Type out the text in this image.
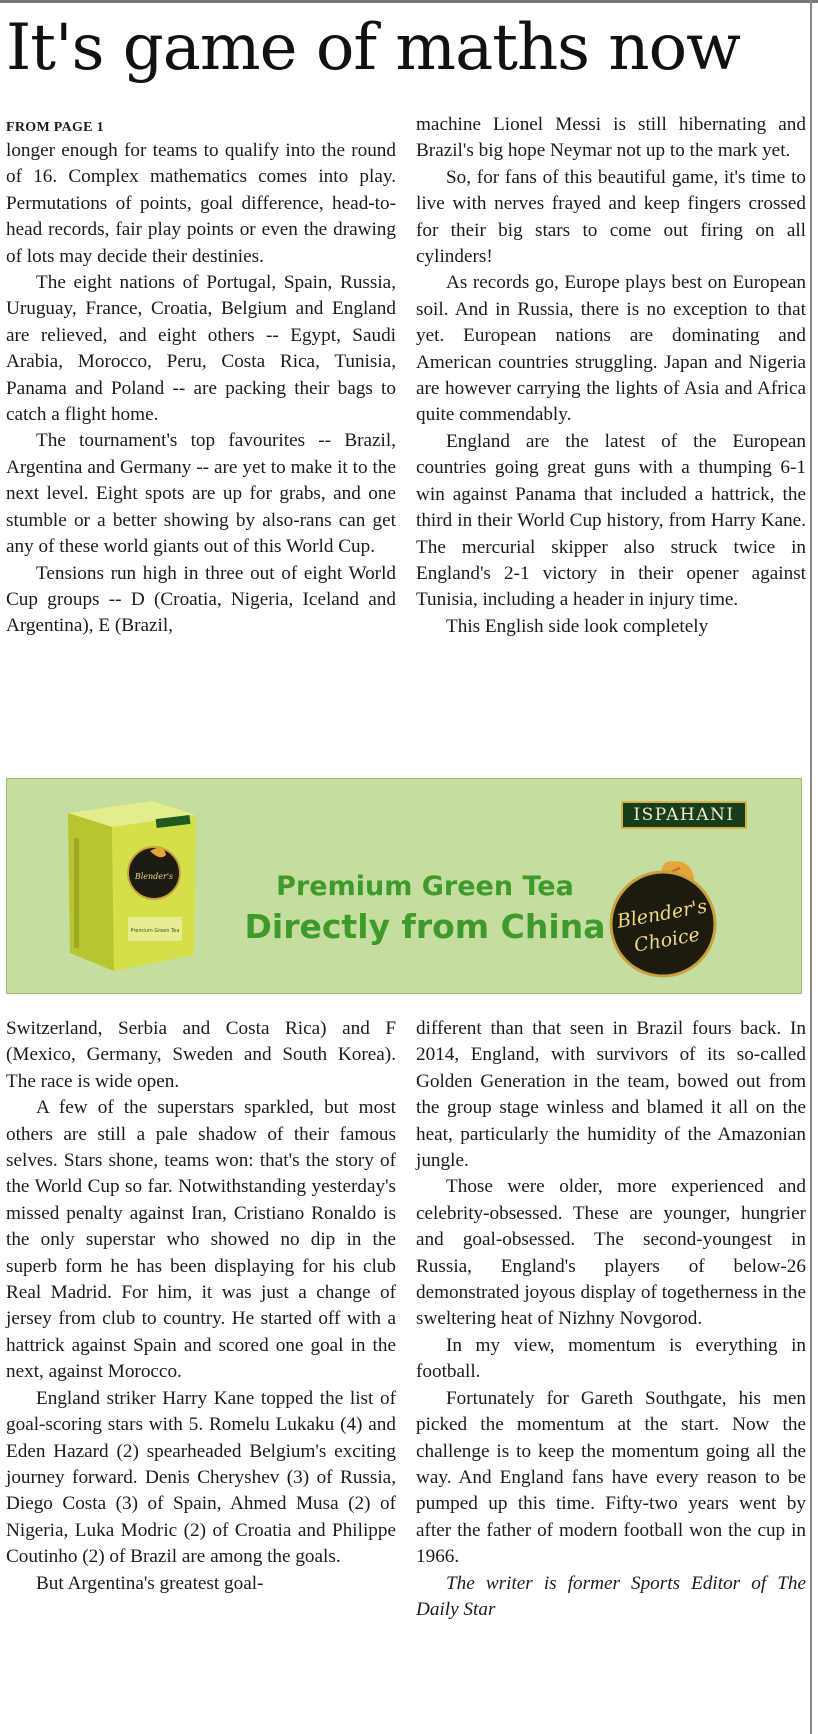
It's game of maths now

FROM PAGE 1

longer enough for teams to qualify into the round of 16. Complex mathematics comes into play. Permutations of points, goal difference, head-to-head records, fair play points or even the drawing of lots may decide their destinies.

The eight nations of Portugal, Spain, Russia, Uruguay, France, Croatia, Belgium and England are relieved, and eight others -- Egypt, Saudi Arabia, Morocco, Peru, Costa Rica, Tunisia, Panama and Poland -- are packing their bags to catch a flight home.

The tournament's top favourites -- Brazil, Argentina and Germany -- are yet to make it to the next level. Eight spots are up for grabs, and one stumble or a better showing by also-rans can get any of these world giants out of this World Cup.

Tensions run high in three out of eight World Cup groups -- D (Croatia, Nigeria, Iceland and Argentina), E (Brazil,

machine Lionel Messi is still hibernating and Brazil's big hope Neymar not up to the mark yet.

So, for fans of this beautiful game, it's time to live with nerves frayed and keep fingers crossed for their big stars to come out firing on all cylinders!

As records go, Europe plays best on European soil. And in Russia, there is no exception to that yet. European nations are dominating and American countries struggling. Japan and Nigeria are however carrying the lights of Asia and Africa quite commendably.

England are the latest of the European countries going great guns with a thumping 6-1 win against Panama that included a hattrick, the third in their World Cup history, from Harry Kane. The mercurial skipper also struck twice in England's 2-1 victory in their opener against Tunisia, including a header in injury time.

This English side look completely

Premium Green Tea
Directly from China
ISPAHANI
Blender's
Premium Green Tea	Blender's
Choice

Switzerland, Serbia and Costa Rica) and F (Mexico, Germany, Sweden and South Korea). The race is wide open.

A few of the superstars sparkled, but most others are still a pale shadow of their famous selves. Stars shone, teams won: that's the story of the World Cup so far. Notwithstanding yesterday's missed penalty against Iran, Cristiano Ronaldo is the only superstar who showed no dip in the superb form he has been displaying for his club Real Madrid. For him, it was just a change of jersey from club to country. He started off with a hattrick against Spain and scored one goal in the next, against Morocco.

England striker Harry Kane topped the list of goal-scoring stars with 5. Romelu Lukaku (4) and Eden Hazard (2) spearheaded Belgium's exciting journey forward. Denis Cheryshev (3) of Russia, Diego Costa (3) of Spain, Ahmed Musa (2) of Nigeria, Luka Modric (2) of Croatia and Philippe Coutinho (2) of Brazil are among the goals.

But Argentina's greatest goal-

different than that seen in Brazil fours back. In 2014, England, with survivors of its so-called Golden Generation in the team, bowed out from the group stage winless and blamed it all on the heat, particularly the humidity of the Amazonian jungle.

Those were older, more experienced and celebrity-obsessed. These are younger, hungrier and goal-obsessed. The second-youngest in Russia, England's players of below-26 demonstrated joyous display of togetherness in the sweltering heat of Nizhny Novgorod.

In my view, momentum is everything in football.

Fortunately for Gareth Southgate, his men picked the momentum at the start. Now the challenge is to keep the momentum going all the way. And England fans have every reason to be pumped up this time. Fifty-two years went by after the father of modern football won the cup in 1966.

The writer is former Sports Editor of The Daily Star
